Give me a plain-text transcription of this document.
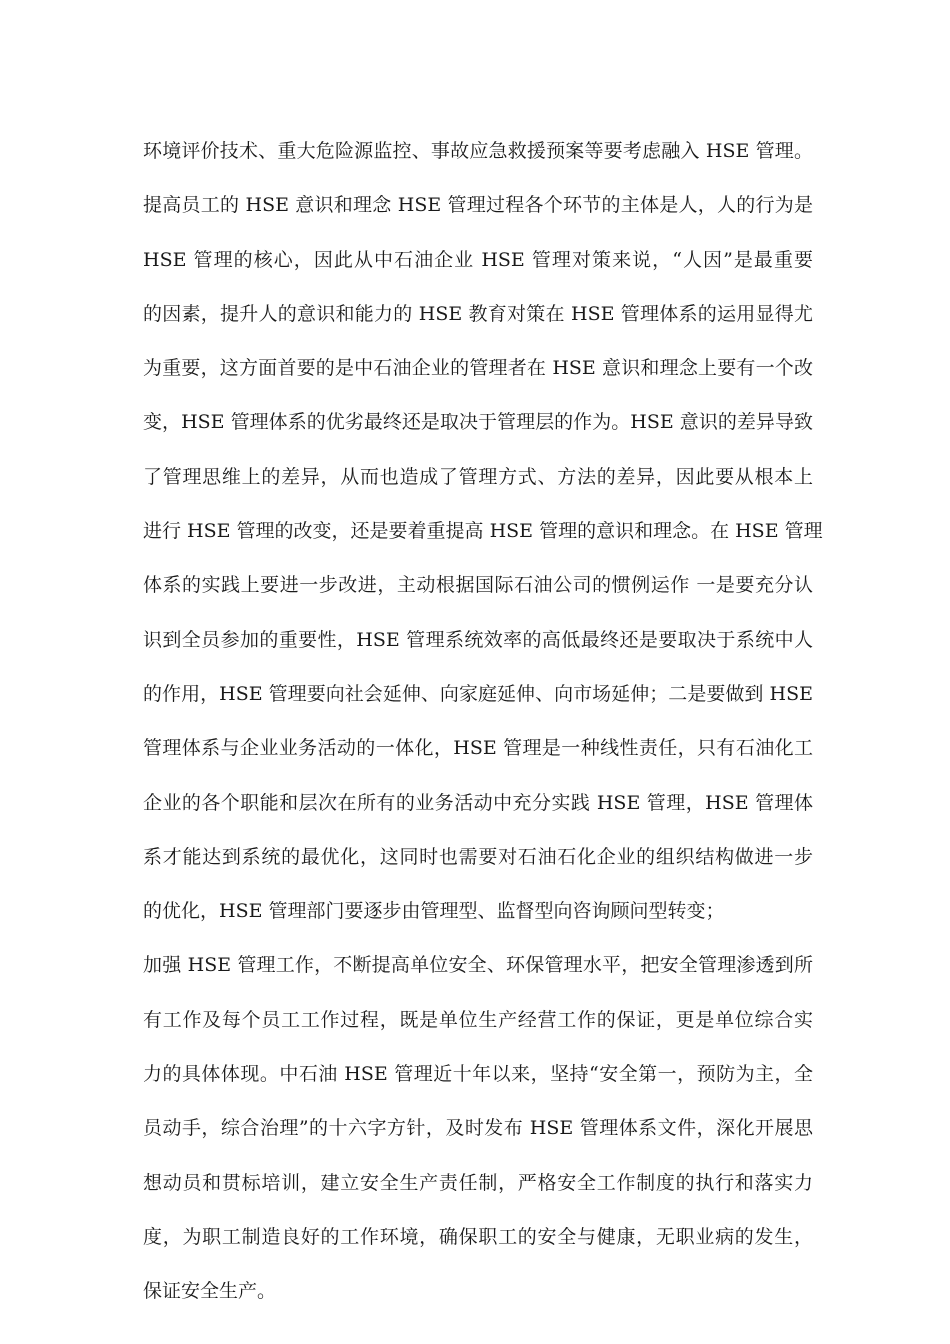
环境评价技术、重大危险源监控、事故应急救援预案等要考虑融入 HSE 管理。

提高员工的 HSE 意识和理念 HSE 管理过程各个环节的主体是人，人的行为是

HSE 管理的核心，因此从中石油企业 HSE 管理对策来说，“人因”是最重要

的因素，提升人的意识和能力的 HSE 教育对策在 HSE 管理体系的运用显得尤

为重要，这方面首要的是中石油企业的管理者在 HSE 意识和理念上要有一个改

变，HSE 管理体系的优劣最终还是取决于管理层的作为。HSE 意识的差异导致

了管理思维上的差异，从而也造成了管理方式、方法的差异，因此要从根本上

进行 HSE 管理的改变，还是要着重提高 HSE 管理的意识和理念。在 HSE 管理

体系的实践上要进一步改进，主动根据国际石油公司的惯例运作 一是要充分认

识到全员参加的重要性，HSE 管理系统效率的高低最终还是要取决于系统中人

的作用，HSE 管理要向社会延伸、向家庭延伸、向市场延伸；二是要做到 HSE

管理体系与企业业务活动的一体化，HSE 管理是一种线性责任，只有石油化工

企业的各个职能和层次在所有的业务活动中充分实践 HSE 管理，HSE 管理体

系才能达到系统的最优化，这同时也需要对石油石化企业的组织结构做进一步

的优化，HSE 管理部门要逐步由管理型、监督型向咨询顾问型转变；

加强 HSE 管理工作，不断提高单位安全、环保管理水平，把安全管理渗透到所

有工作及每个员工工作过程，既是单位生产经营工作的保证，更是单位综合实

力的具体体现。中石油 HSE 管理近十年以来，坚持“安全第一，预防为主，全

员动手，综合治理”的十六字方针，及时发布 HSE 管理体系文件，深化开展思

想动员和贯标培训，建立安全生产责任制，严格安全工作制度的执行和落实力

度，为职工制造良好的工作环境，确保职工的安全与健康，无职业病的发生，

保证安全生产。
